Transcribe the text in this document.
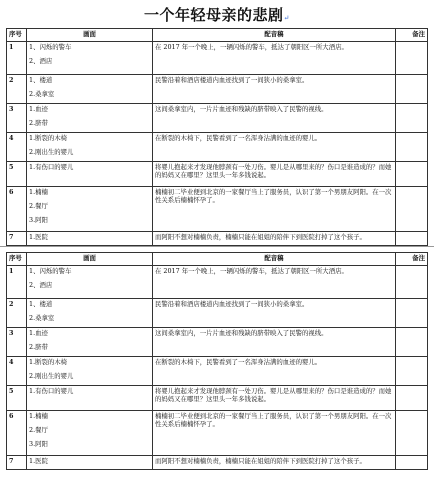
一个年轻母亲的悲剧↵
序号	画面	配音稿	备注
1	1、闪烁的警车
2、酒店	在 2017 年一个晚上，一辆闪烁的警车，抵达了朝阳区一所大酒店。	

2	1、楼道
2.桑拿室	民警沿着和酒店楼道内血迹找到了一间狭小的桑拿室。	

3	1.血迹
2.脐带	这间桑拿室内，一片片血迹和残缺的脐带映入了民警的视线。	

4	1.断裂的木椅
2.刚出生的婴儿	在断裂的木椅下，民警看到了一名浑身沾满的血迹的婴儿。	

5	1.有伤口的婴儿	将婴儿抱起来才发现他脖颈有一处刀伤。婴儿是从哪里来的？伤口是谁造成的？而她的妈妈又在哪里？这里头一年多钱说起。	

6	1.楠楠
2.餐厅
3.阿阳	楠楠初二毕业便到北京的一家餐厅当上了服务员，认识了第一个男朋友阿阳。在一次性关系后楠楠怀孕了。	

7	1.医院	而阿阳不想对楠楠负责，楠楠只能在姐姐的陪伴下到医院打掉了这个孩子。	

序号	画面	配音稿	备注
1	1、闪烁的警车
2、酒店	在 2017 年一个晚上，一辆闪烁的警车，抵达了朝阳区一所大酒店。	

2	1、楼道
2.桑拿室	民警沿着和酒店楼道内血迹找到了一间狭小的桑拿室。	

3	1.血迹
2.脐带	这间桑拿室内，一片片血迹和残缺的脐带映入了民警的视线。	

4	1.断裂的木椅
2.刚出生的婴儿	在断裂的木椅下，民警看到了一名浑身沾满的血迹的婴儿。	

5	1.有伤口的婴儿	将婴儿抱起来才发现他脖颈有一处刀伤。婴儿是从哪里来的？伤口是谁造成的？而她的妈妈又在哪里？这里头一年多钱说起。	

6	1.楠楠
2.餐厅
3.阿阳	楠楠初二毕业便到北京的一家餐厅当上了服务员，认识了第一个男朋友阿阳。在一次性关系后楠楠怀孕了。	

7	1.医院	而阿阳不想对楠楠负责，楠楠只能在姐姐的陪伴下到医院打掉了这个孩子。	
